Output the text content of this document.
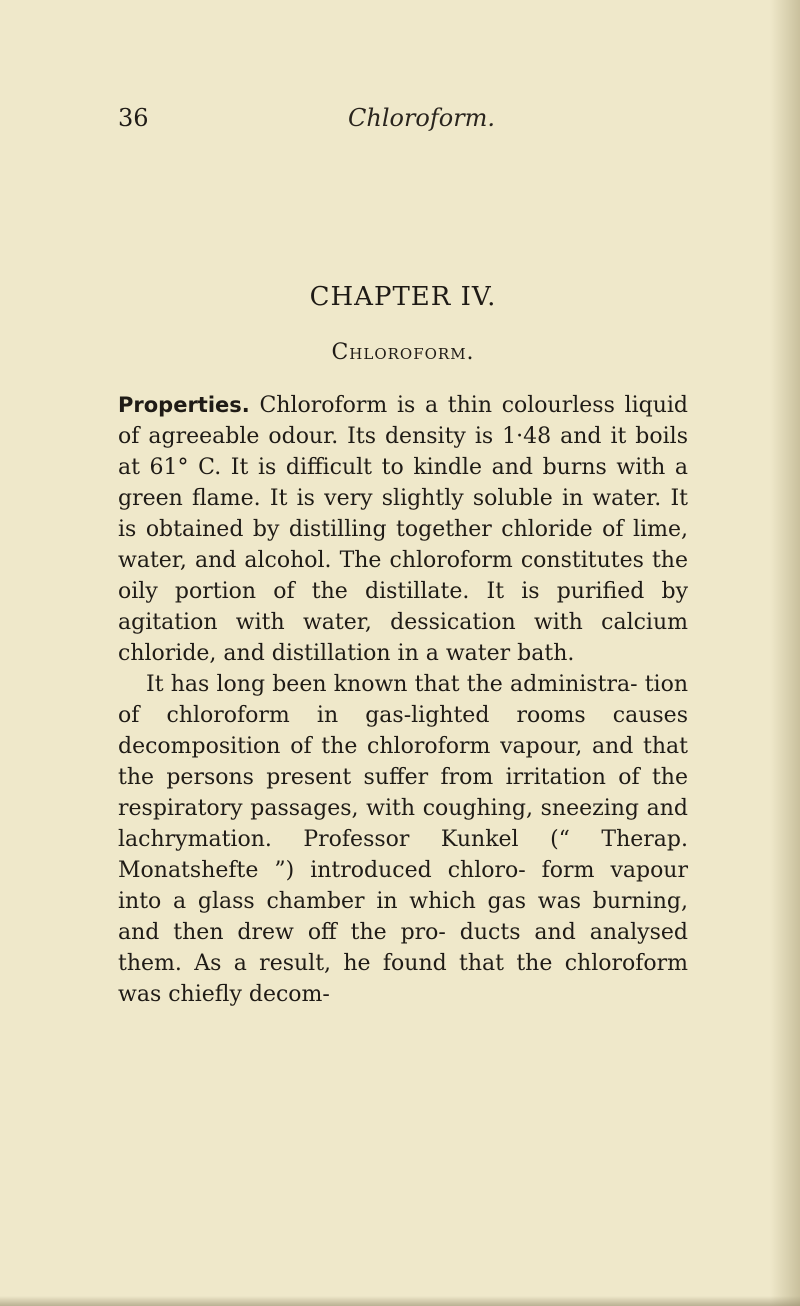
36	Chloroform.
CHAPTER IV.
Chloroform.

Properties. Chloroform is a thin colourless liquid of agreeable odour. Its density is 1·48 and it boils at 61° C. It is difficult to kindle and burns with a green flame. It is very slightly soluble in water. It is obtained by distilling together chloride of lime, water, and alcohol. The chloroform constitutes the oily portion of the distillate. It is purified by agitation with water, dessication with calcium chloride, and distillation in a water bath.

It has long been known that the administra- tion of chloroform in gas-lighted rooms causes decomposition of the chloroform vapour, and that the persons present suffer from irritation of the respiratory passages, with coughing, sneezing and lachrymation. Professor Kunkel (“ Therap. Monatshefte ”) introduced chloro- form vapour into a glass chamber in which gas was burning, and then drew off the pro- ducts and analysed them. As a result, he found that the chloroform was chiefly decom-
